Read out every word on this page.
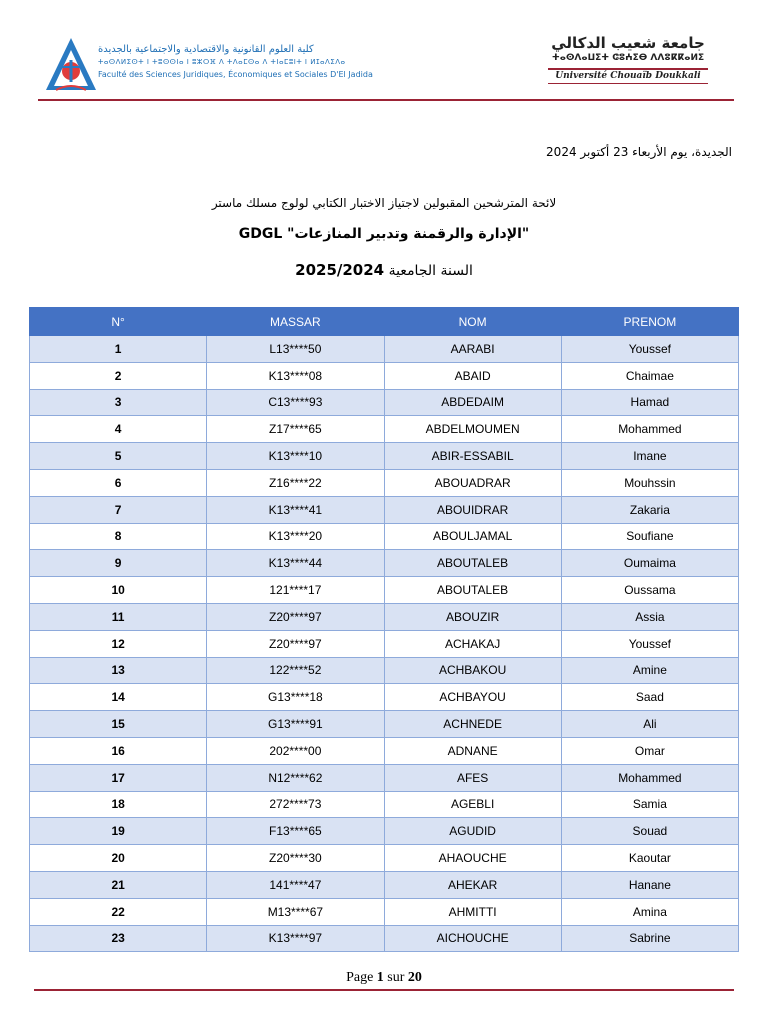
كلية العلوم القانونية والاقتصادية والاجتماعية بالجديدة
ⵜⴰⵙⴷⵍⵉⵙⵜ ⵏ ⵜⵓⵙⵙⵏⴰ ⵏ ⵓⵣⵔⴼ ⴷ ⵜⴷⴰⵎⵙⴰ ⴷ ⵜⵏⴰⵎⵓⵏⵜ ⵏ ⵍⵊⴰⴷⵉⴷⴰ
Faculté des Sciences Juridiques, Économiques et Sociales D'El Jadida
جامعة شعيب الدكالي
ⵜⴰⵙⴷⴰⵡⵉⵜ ⵛⵓⵄⵉⴱ ⴷⴷⵓⴽⴽⴰⵍⵉ
Université Chouaïb Doukkali
الجديدة، يوم الأربعاء 23 أكتوبر 2024
لائحة المترشحين المقبولين لاجتياز الاختبار الكتابي لولوج مسلك ماستر
"الإدارة والرقمنة وتدبير المنازعات" GDGL
السنة الجامعية 2025/2024
N°	MASSAR	NOM	PRENOM
1	L13****50	AARABI	Youssef
2	K13****08	ABAID	Chaimae
3	C13****93	ABDEDAIM	Hamad
4	Z17****65	ABDELMOUMEN	Mohammed
5	K13****10	ABIR-ESSABIL	Imane
6	Z16****22	ABOUADRAR	Mouhssin
7	K13****41	ABOUIDRAR	Zakaria
8	K13****20	ABOULJAMAL	Soufiane
9	K13****44	ABOUTALEB	Oumaima
10	121****17	ABOUTALEB	Oussama
11	Z20****97	ABOUZIR	Assia
12	Z20****97	ACHAKAJ	Youssef
13	122****52	ACHBAKOU	Amine
14	G13****18	ACHBAYOU	Saad
15	G13****91	ACHNEDE	Ali
16	202****00	ADNANE	Omar
17	N12****62	AFES	Mohammed
18	272****73	AGEBLI	Samia
19	F13****65	AGUDID	Souad
20	Z20****30	AHAOUCHE	Kaoutar
21	141****47	AHEKAR	Hanane
22	M13****67	AHMITTI	Amina
23	K13****97	AICHOUCHE	Sabrine
Page 1 sur 20
